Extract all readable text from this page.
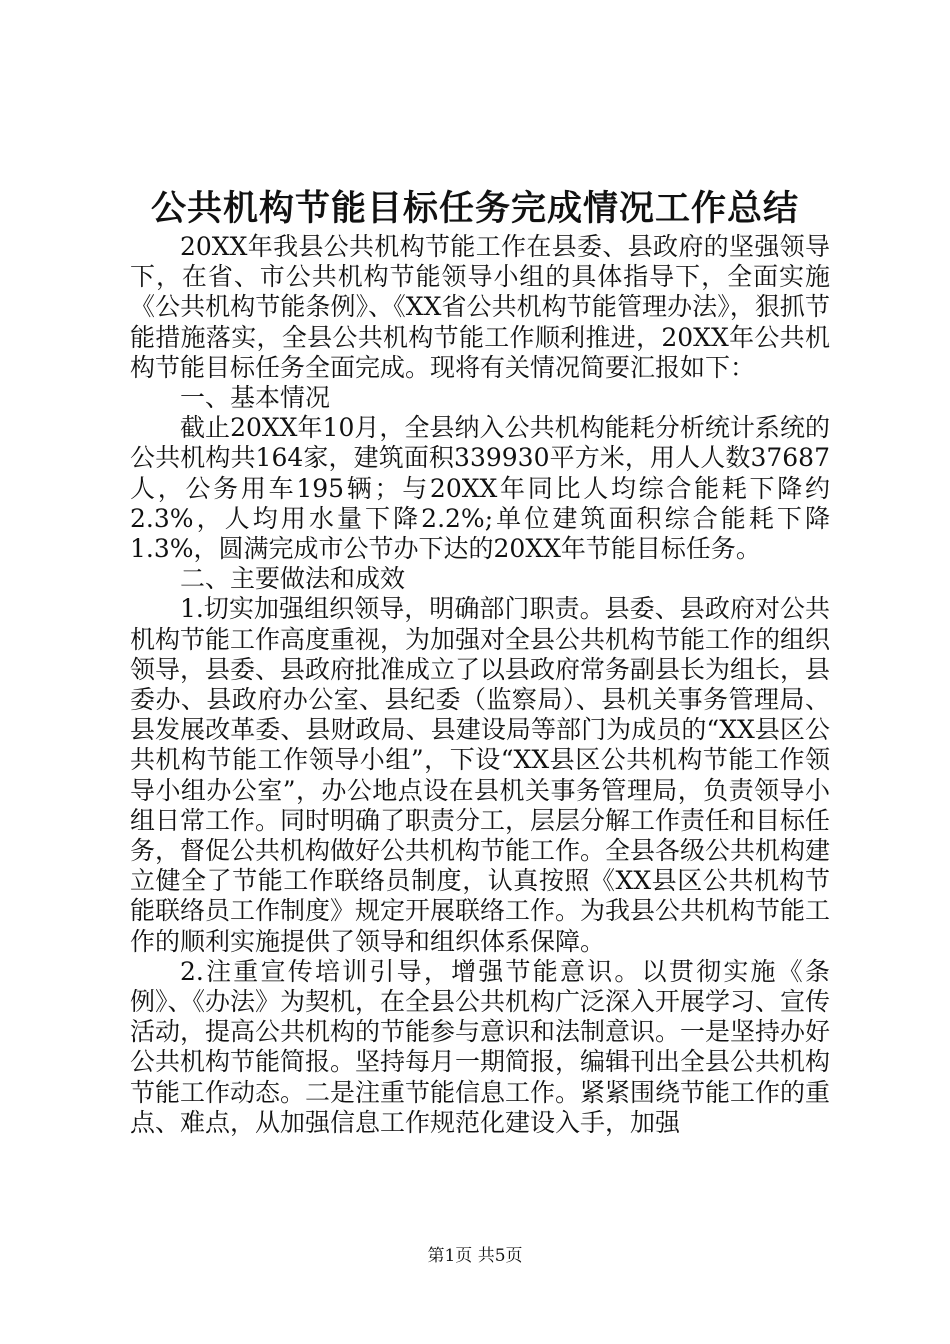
公共机构节能目标任务完成情况工作总结

20XX年我县公共机构节能工作在县委、县政府的坚强领导下，在省、市公共机构节能领导小组的具体指导下，全面实施《公共机构节能条例》、《XX省公共机构节能管理办法》，狠抓节能措施落实，全县公共机构节能工作顺利推进，20XX年公共机构节能目标任务全面完成。现将有关情况简要汇报如下：

一、基本情况

截止20XX年10月，全县纳入公共机构能耗分析统计系统的公共机构共164家，建筑面积339930平方米，用人人数37687人，公务用车195辆；与20XX年同比人均综合能耗下降约2.3%，人均用水量下降2.2%;单位建筑面积综合能耗下降1.3%，圆满完成市公节办下达的20XX年节能目标任务。

二、主要做法和成效

1.切实加强组织领导，明确部门职责。县委、县政府对公共机构节能工作高度重视，为加强对全县公共机构节能工作的组织领导，县委、县政府批准成立了以县政府常务副县长为组长，县委办、县政府办公室、县纪委（监察局）、县机关事务管理局、县发展改革委、县财政局、县建设局等部门为成员的“XX县区公共机构节能工作领导小组”，下设“XX县区公共机构节能工作领导小组办公室”，办公地点设在县机关事务管理局，负责领导小组日常工作。同时明确了职责分工，层层分解工作责任和目标任务，督促公共机构做好公共机构节能工作。全县各级公共机构建立健全了节能工作联络员制度，认真按照《XX县区公共机构节能联络员工作制度》规定开展联络工作。为我县公共机构节能工作的顺利实施提供了领导和组织体系保障。

2.注重宣传培训引导，增强节能意识。以贯彻实施《条例》、《办法》为契机，在全县公共机构广泛深入开展学习、宣传活动，提高公共机构的节能参与意识和法制意识。一是坚持办好公共机构节能简报。坚持每月一期简报，编辑刊出全县公共机构节能工作动态。二是注重节能信息工作。紧紧围绕节能工作的重点、难点，从加强信息工作规范化建设入手，加强

第1页 共5页
